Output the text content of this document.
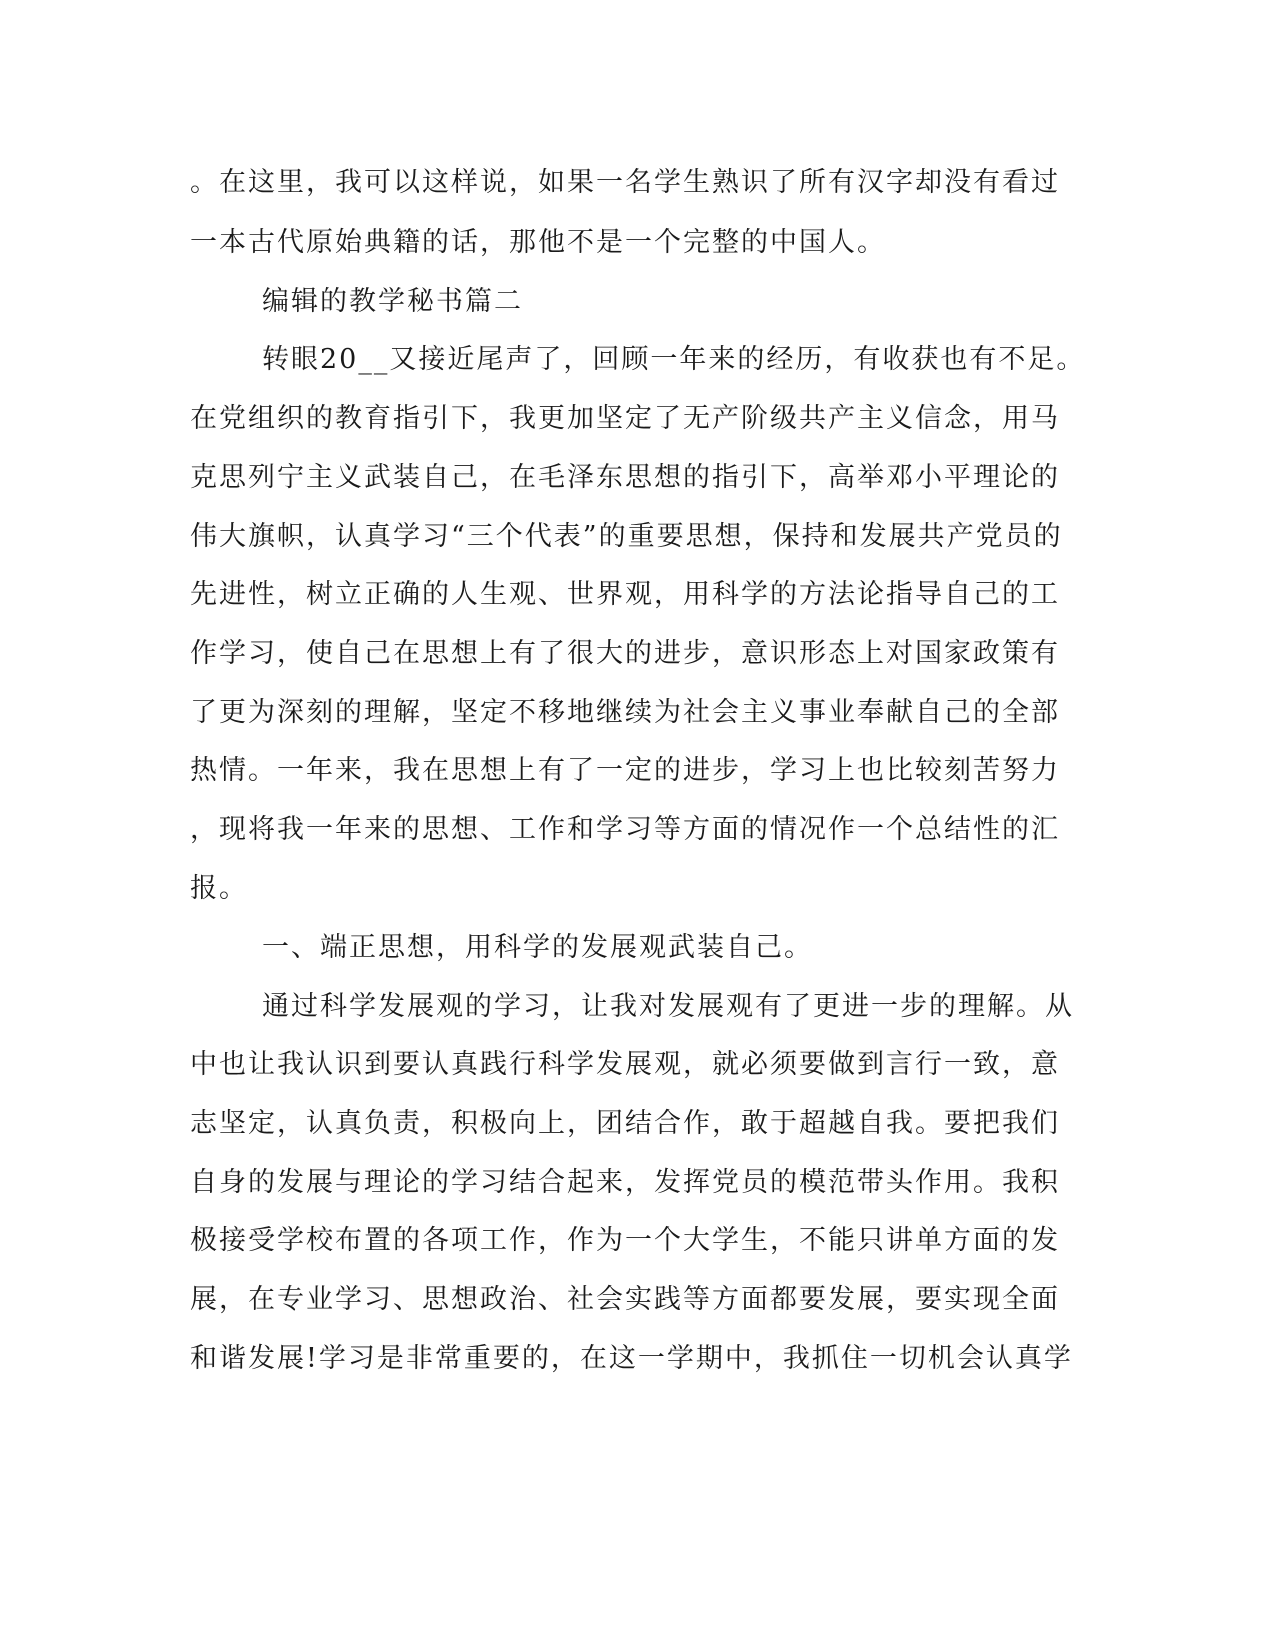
。在这里，我可以这样说，如果一名学生熟识了所有汉字却没有看过
一本古代原始典籍的话，那他不是一个完整的中国人。
编辑的教学秘书篇二
转眼20__又接近尾声了，回顾一年来的经历，有收获也有不足。
在党组织的教育指引下，我更加坚定了无产阶级共产主义信念，用马
克思列宁主义武装自己，在毛泽东思想的指引下，高举邓小平理论的
伟大旗帜，认真学习“三个代表”的重要思想，保持和发展共产党员的
先进性，树立正确的人生观、世界观，用科学的方法论指导自己的工
作学习，使自己在思想上有了很大的进步，意识形态上对国家政策有
了更为深刻的理解，坚定不移地继续为社会主义事业奉献自己的全部
热情。一年来，我在思想上有了一定的进步，学习上也比较刻苦努力
，现将我一年来的思想、工作和学习等方面的情况作一个总结性的汇
报。
一、端正思想，用科学的发展观武装自己。
通过科学发展观的学习，让我对发展观有了更进一步的理解。从
中也让我认识到要认真践行科学发展观，就必须要做到言行一致，意
志坚定，认真负责，积极向上，团结合作，敢于超越自我。要把我们
自身的发展与理论的学习结合起来，发挥党员的模范带头作用。我积
极接受学校布置的各项工作，作为一个大学生，不能只讲单方面的发
展，在专业学习、思想政治、社会实践等方面都要发展，要实现全面
和谐发展!学习是非常重要的，在这一学期中，我抓住一切机会认真学
